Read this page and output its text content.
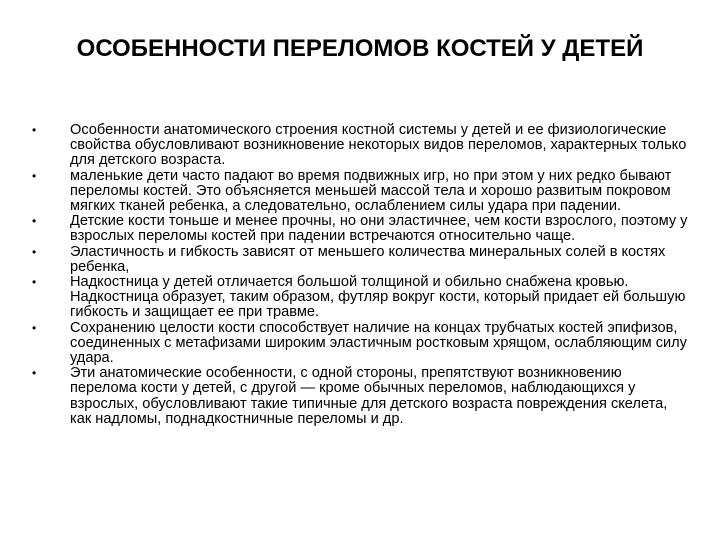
ОСОБЕННОСТИ ПЕРЕЛОМОВ КОСТЕЙ У ДЕТЕЙ
• Особенности анатомического строения костной системы у детей и ее физиологические свойства обусловливают возникновение некоторых видов переломов, характерных только для детского возраста.
• маленькие дети часто падают во время подвижных игр, но при этом у них редко бывают переломы костей. Это объясняется меньшей массой тела и хорошо развитым покровом мягких тканей ребенка, а следовательно, ослаблением силы удара при падении.
• Детские кости тоньше и менее прочны, но они эластичнее, чем кости взрослого, поэтому у взрослых переломы костей при падении встречаются относительно чаще.
• Эластичность и гибкость зависят от меньшего количества минеральных солей в костях ребенка,
• Надкостница у детей отличается большой толщиной и обильно снабжена кровью. Надкостница образует, таким образом, футляр вокруг кости, который придает ей большую гибкость и защищает ее при травме.
• Сохранению целости кости способствует наличие на концах трубчатых костей эпифизов, соединенных с метафизами широким эластичным ростковым хрящом, ослабляющим силу удара.
• Эти анатомические особенности, с одной стороны, препятствуют возникновению перелома кости у детей, с другой — кроме обычных переломов, наблюдающихся у взрослых, обусловливают такие типичные для детского возраста повреждения скелета, как надломы, поднадкостничные переломы и др.
